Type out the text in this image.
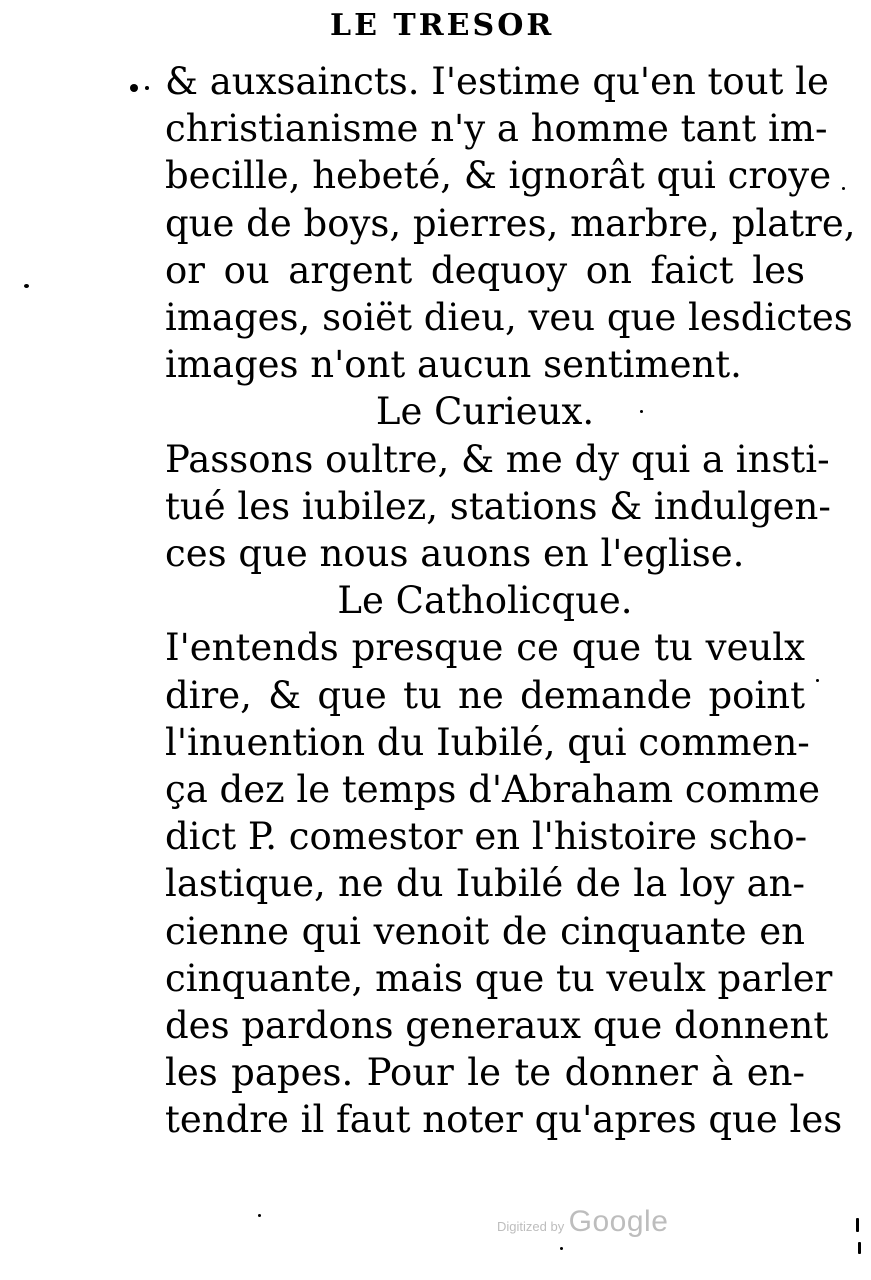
LE TRESOR
& auxsaincts. I'estime qu'en tout le
christianisme n'y a homme tant im-
becille, hebeté, & ignorât qui croye
que de boys, pierres, marbre, platre,
or ou argent dequoy on faict les
images, soiët dieu, veu que lesdictes
images n'ont aucun sentiment.
Le Curieux.
Passons oultre, & me dy qui a insti-
tué les iubilez, stations & indulgen-
ces que nous auons en l'eglise.
Le Catholicque.
I'entends presque ce que tu veulx
dire, & que tu ne demande point
l'inuention du Iubilé, qui commen-
ça dez le temps d'Abraham comme
dict P. comestor en l'histoire scho-
lastique, ne du Iubilé de la loy an-
cienne qui venoit de cinquante en
cinquante, mais que tu veulx parler
des pardons generaux que donnent
les papes. Pour le te donner à en-
tendre il faut noter qu'apres que les
Digitized by Google
